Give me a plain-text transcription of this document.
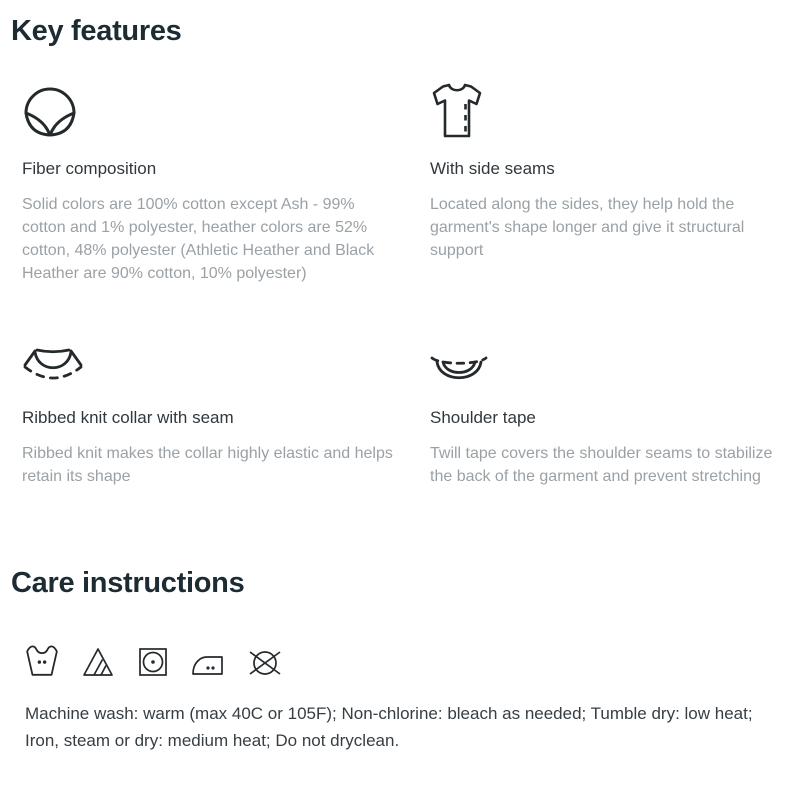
Key features
Fiber composition
Solid colors are 100% cotton except Ash - 99% cotton and 1% polyester, heather colors are 52% cotton, 48% polyester (Athletic Heather and Black Heather are 90% cotton, 10% polyester)
With side seams
Located along the sides, they help hold the garment's shape longer and give it structural support
Ribbed knit collar with seam
Ribbed knit makes the collar highly elastic and helps retain its shape
Shoulder tape
Twill tape covers the shoulder seams to stabilize the back of the garment and prevent stretching
Care instructions

Machine wash: warm (max 40C or 105F); Non-chlorine: bleach as needed; Tumble dry: low heat; Iron, steam or dry: medium heat; Do not dryclean.
